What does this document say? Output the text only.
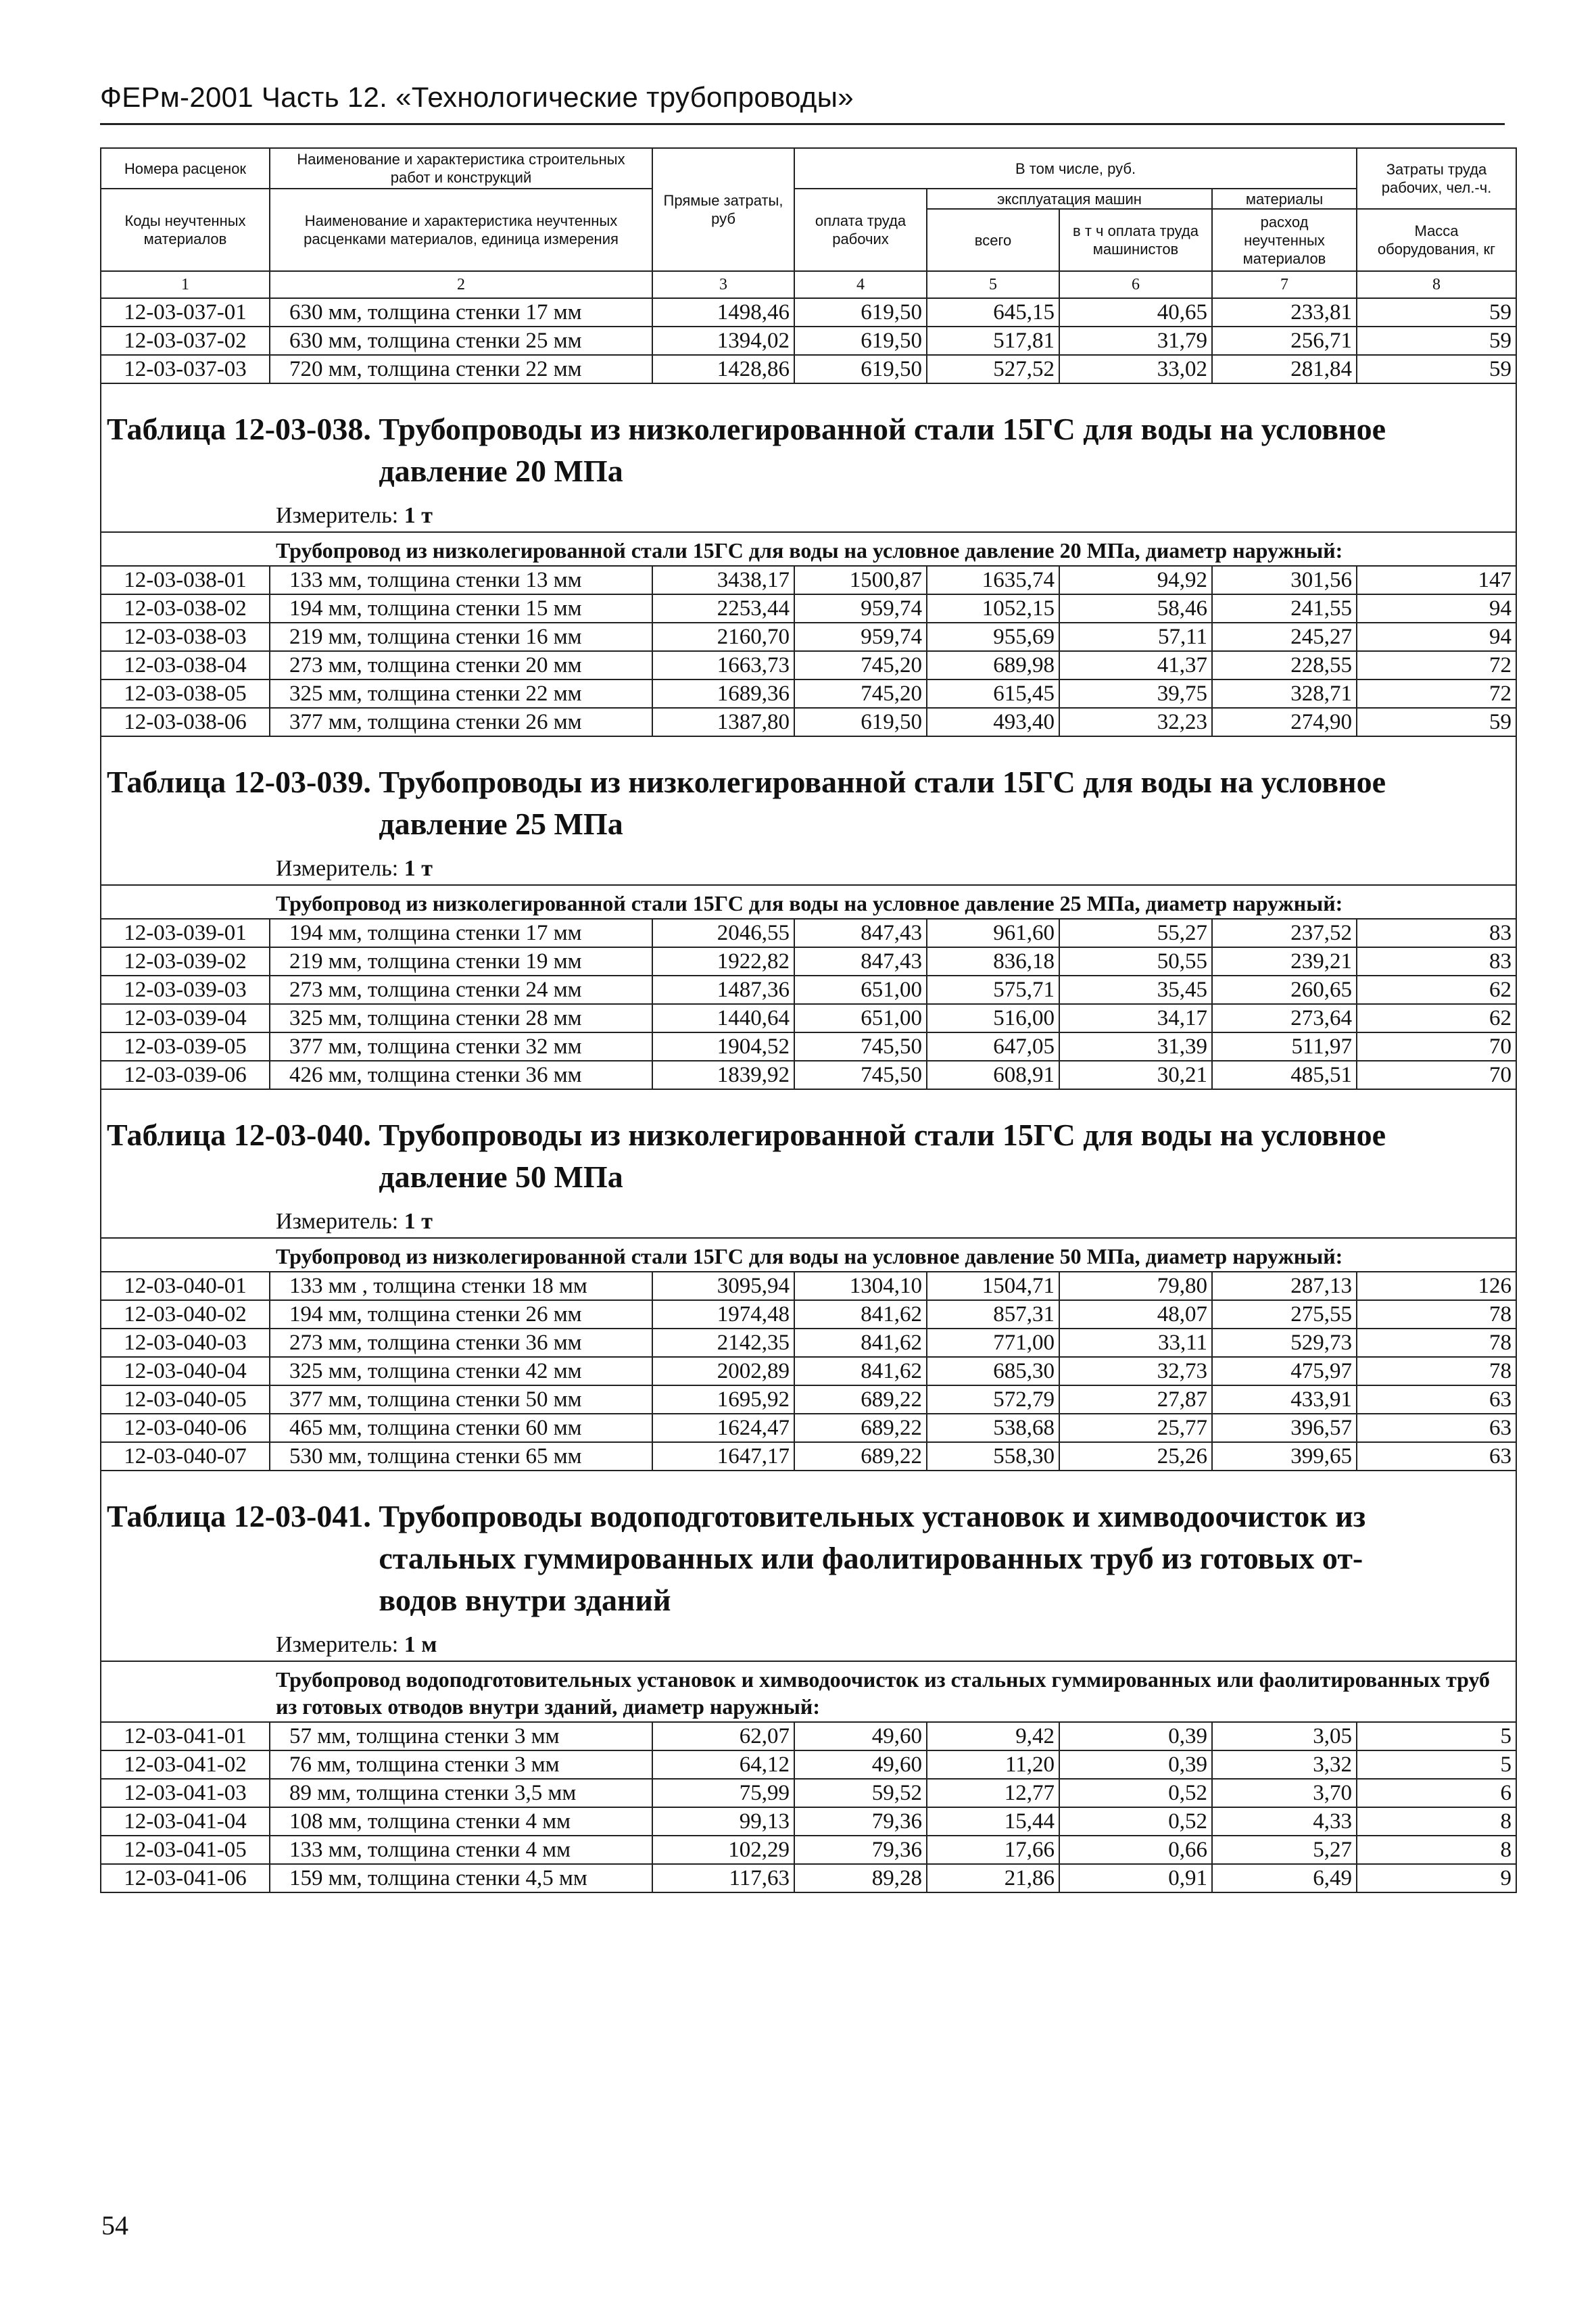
ФЕРм-2001 Часть 12. «Технологические трубопроводы»
Номера расценок	Наименование и характеристика строительных работ и конструкций	Прямые затраты, руб	В том числе, руб.				Затраты труда рабочих, чел.-ч.
Коды неучтенных материалов	Наименование и характеристика неучтенных расценками материалов, единица измерения		оплата труда рабочих	эксплуатация машин		материалы	
				всего	в т ч оплата труда машинистов	расход неучтенных материалов	
							Масса оборудования, кг
1	2	3	4	5	6	7	8
12-03-037-01	630 мм, толщина стенки 17 мм	1498,46	619,50	645,15	40,65	233,81	59
12-03-037-02	630 мм, толщина стенки 25 мм	1394,02	619,50	517,81	31,79	256,71	59
12-03-037-03	720 мм, толщина стенки 22 мм	1428,86	619,50	527,52	33,02	281,84	59

Таблица 12-03-038. Трубопроводы из низколегированной стали 15ГС для воды на условное
давление 20 МПа							

Измеритель: 1 т							
Трубопровод из низколегированной стали 15ГС для воды на условное давление 20 МПа, диаметр наружный:							
12-03-038-01	133 мм, толщина стенки 13 мм	3438,17	1500,87	1635,74	94,92	301,56	147
12-03-038-02	194 мм, толщина стенки 15 мм	2253,44	959,74	1052,15	58,46	241,55	94
12-03-038-03	219 мм, толщина стенки 16 мм	2160,70	959,74	955,69	57,11	245,27	94
12-03-038-04	273 мм, толщина стенки 20 мм	1663,73	745,20	689,98	41,37	228,55	72
12-03-038-05	325 мм, толщина стенки 22 мм	1689,36	745,20	615,45	39,75	328,71	72
12-03-038-06	377 мм, толщина стенки 26 мм	1387,80	619,50	493,40	32,23	274,90	59

Таблица 12-03-039. Трубопроводы из низколегированной стали 15ГС для воды на условное
давление 25 МПа							

Измеритель: 1 т							
Трубопровод из низколегированной стали 15ГС для воды на условное давление 25 МПа, диаметр наружный:							
12-03-039-01	194 мм, толщина стенки 17 мм	2046,55	847,43	961,60	55,27	237,52	83
12-03-039-02	219 мм, толщина стенки 19 мм	1922,82	847,43	836,18	50,55	239,21	83
12-03-039-03	273 мм, толщина стенки 24 мм	1487,36	651,00	575,71	35,45	260,65	62
12-03-039-04	325 мм, толщина стенки 28 мм	1440,64	651,00	516,00	34,17	273,64	62
12-03-039-05	377 мм, толщина стенки 32 мм	1904,52	745,50	647,05	31,39	511,97	70
12-03-039-06	426 мм, толщина стенки 36 мм	1839,92	745,50	608,91	30,21	485,51	70

Таблица 12-03-040. Трубопроводы из низколегированной стали 15ГС для воды на условное
давление 50 МПа							

Измеритель: 1 т							
Трубопровод из низколегированной стали 15ГС для воды на условное давление 50 МПа, диаметр наружный:							
12-03-040-01	133 мм , толщина стенки 18 мм	3095,94	1304,10	1504,71	79,80	287,13	126
12-03-040-02	194 мм, толщина стенки 26 мм	1974,48	841,62	857,31	48,07	275,55	78
12-03-040-03	273 мм, толщина стенки 36 мм	2142,35	841,62	771,00	33,11	529,73	78
12-03-040-04	325 мм, толщина стенки 42 мм	2002,89	841,62	685,30	32,73	475,97	78
12-03-040-05	377 мм, толщина стенки 50 мм	1695,92	689,22	572,79	27,87	433,91	63
12-03-040-06	465 мм, толщина стенки 60 мм	1624,47	689,22	538,68	25,77	396,57	63
12-03-040-07	530 мм, толщина стенки 65 мм	1647,17	689,22	558,30	25,26	399,65	63

Таблица 12-03-041. Трубопроводы водоподготовительных установок и химводоочисток из
стальных гуммированных или фаолитированных труб из готовых от-
водов внутри зданий							

Измеритель: 1 м							
Трубопровод водоподготовительных установок и химводоочисток из стальных гуммированных или фаолитированных труб из готовых отводов внутри зданий, диаметр наружный:							
12-03-041-01	57 мм, толщина стенки 3 мм	62,07	49,60	9,42	0,39	3,05	5
12-03-041-02	76 мм, толщина стенки 3 мм	64,12	49,60	11,20	0,39	3,32	5
12-03-041-03	89 мм, толщина стенки 3,5 мм	75,99	59,52	12,77	0,52	3,70	6
12-03-041-04	108 мм, толщина стенки 4 мм	99,13	79,36	15,44	0,52	4,33	8
12-03-041-05	133 мм, толщина стенки 4 мм	102,29	79,36	17,66	0,66	5,27	8
12-03-041-06	159 мм, толщина стенки 4,5 мм	117,63	89,28	21,86	0,91	6,49	9
54
